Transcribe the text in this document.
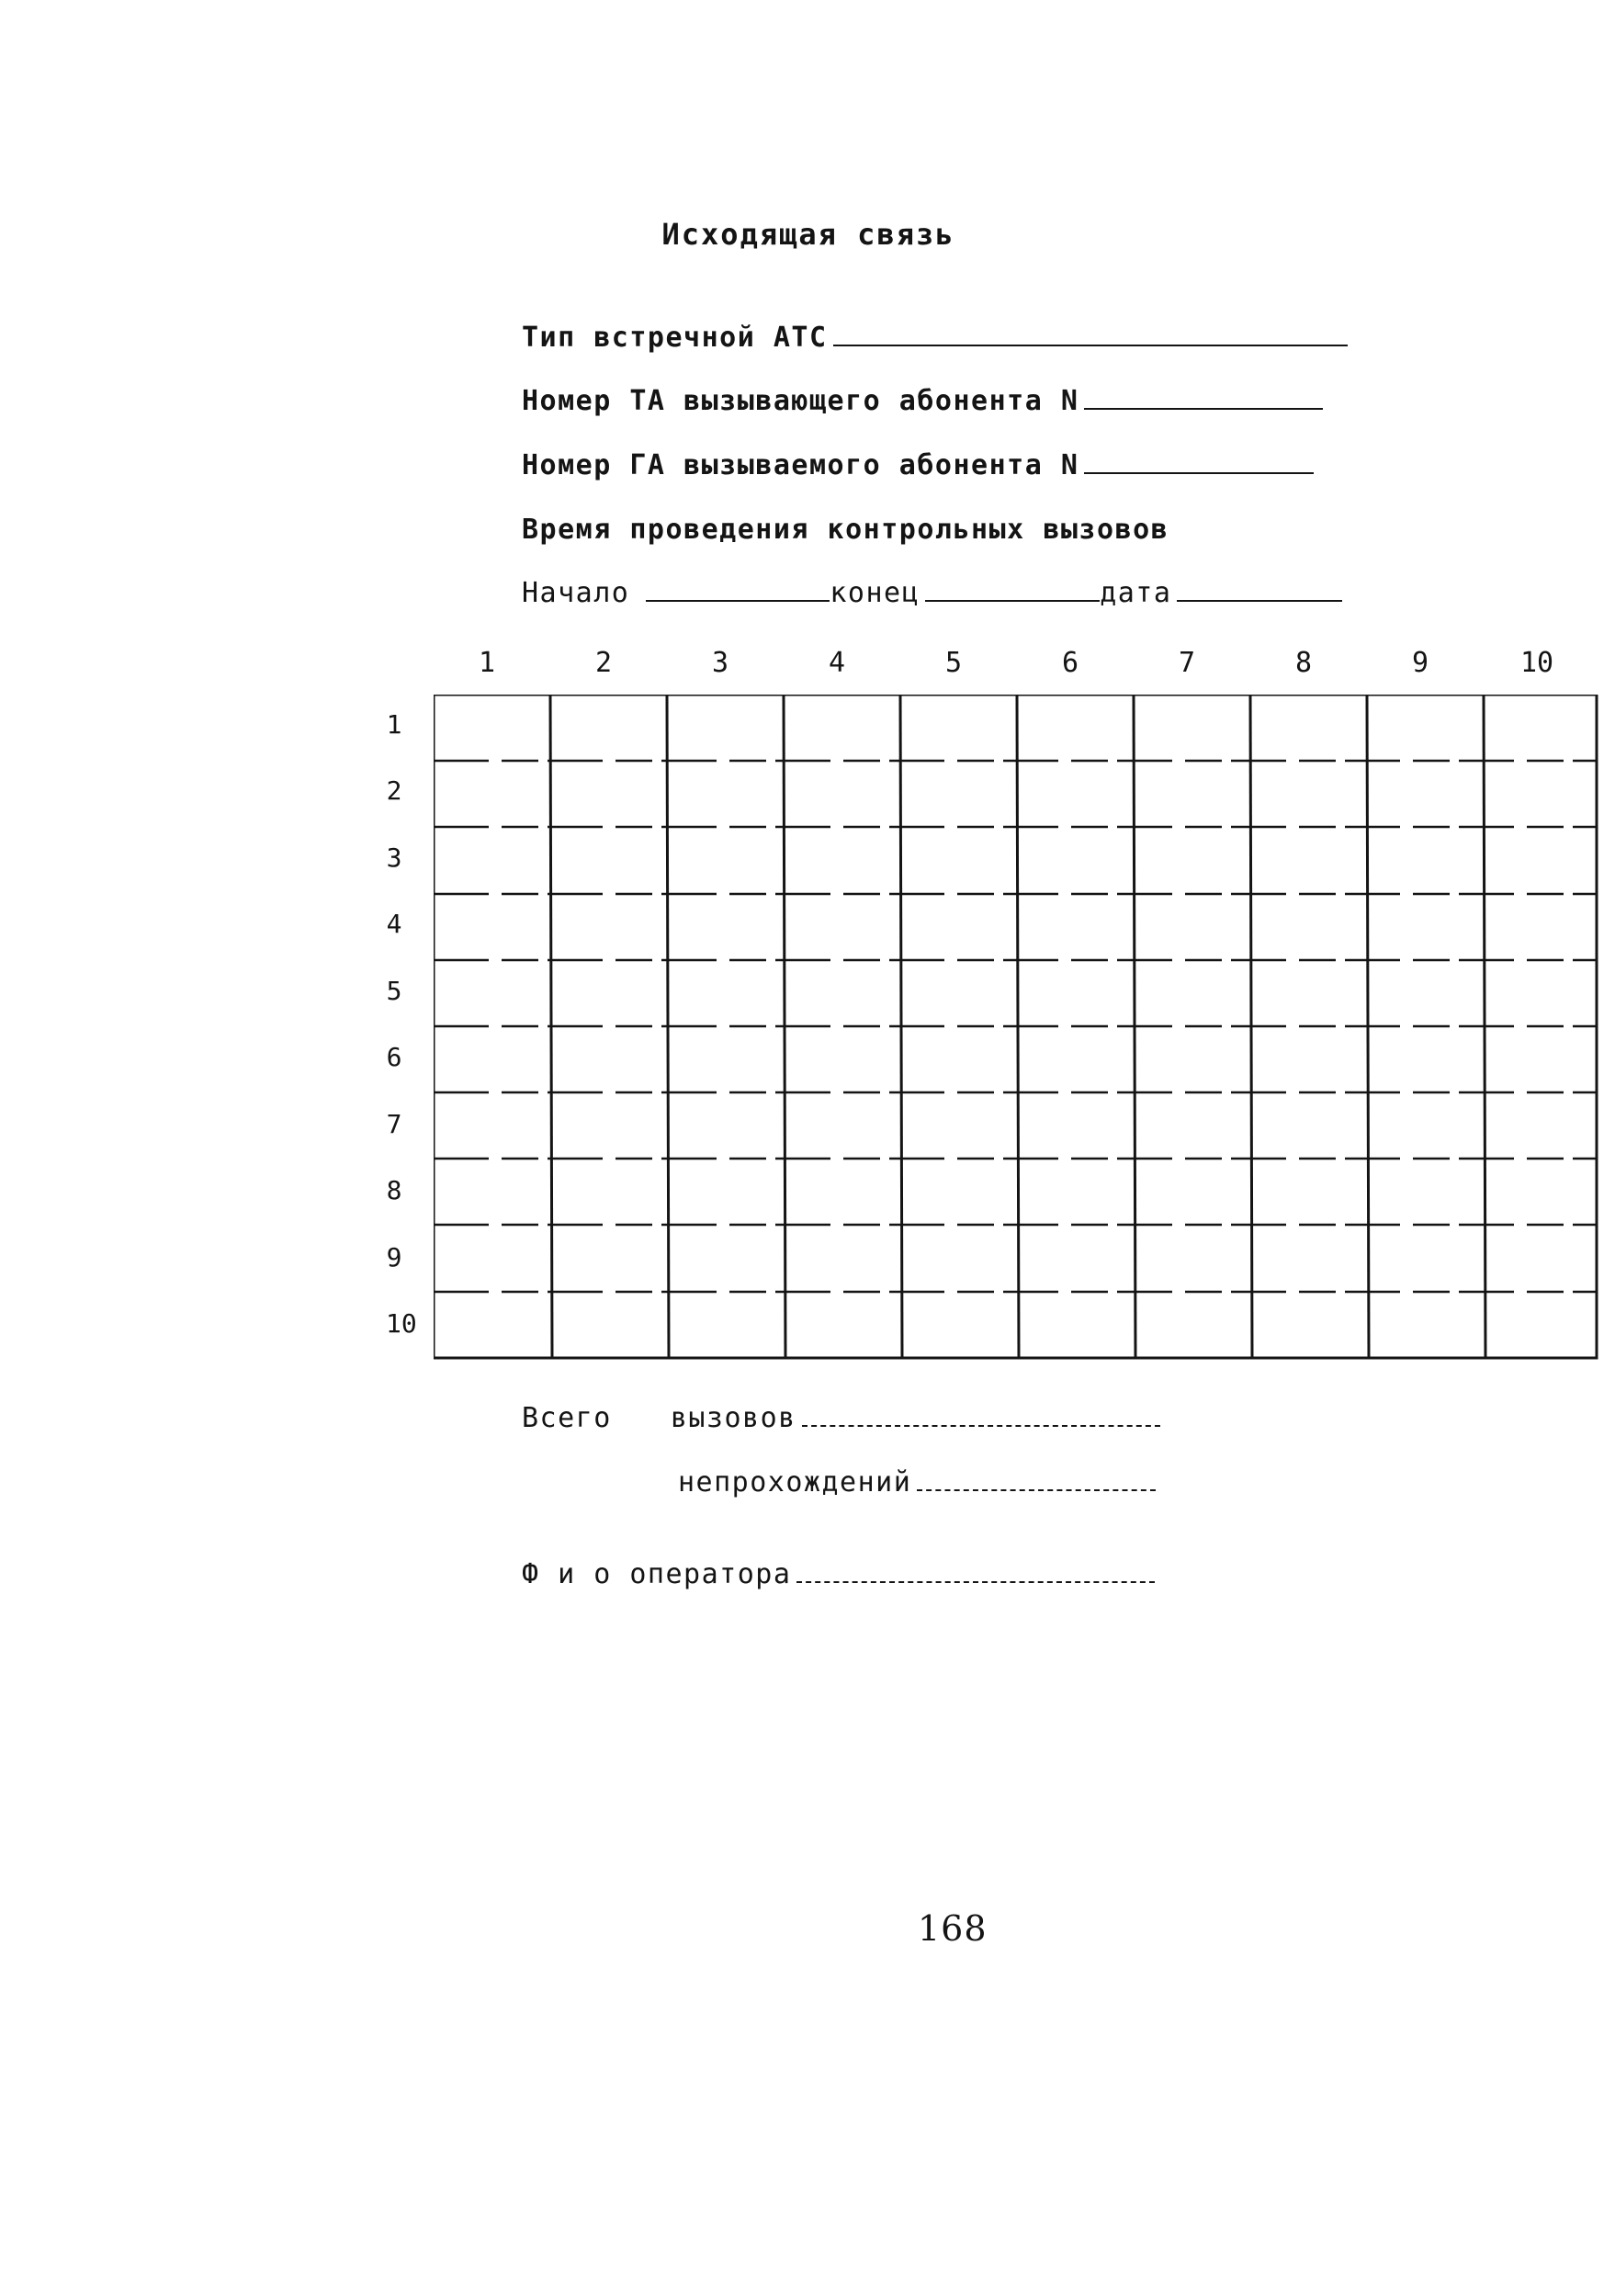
Исходящая связь
Тип встречной АТС
Номер ТА вызывающего абонента N
Номер ГА вызываемого абонента N
Время проведения контрольных вызовов
Начало	конец	дата
1	2	3	4	5	6	7	8	9	10
1
2
3
4
5
6
7
8
9
10
Всего вызовов
непрохождений
Ф и о оператора
168
